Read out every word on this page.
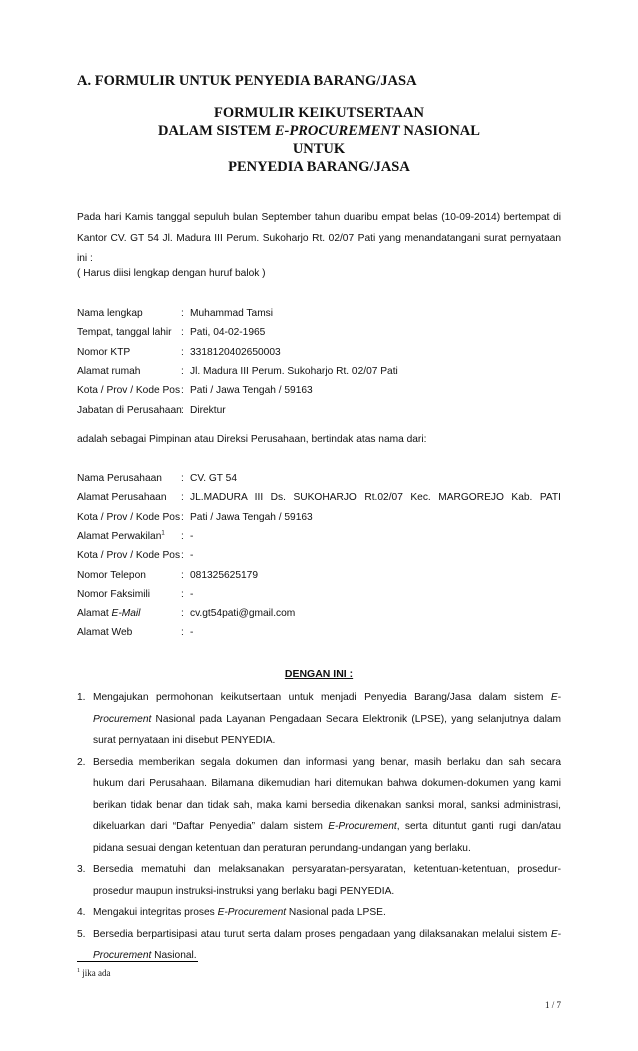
A. FORMULIR UNTUK PENYEDIA BARANG/JASA
FORMULIR KEIKUTSERTAAN
DALAM SISTEM E-PROCUREMENT NASIONAL
UNTUK
PENYEDIA BARANG/JASA
Pada hari Kamis tanggal sepuluh bulan September tahun duaribu empat belas (10-09-2014) bertempat di Kantor CV. GT 54 Jl. Madura III Perum. Sukoharjo Rt. 02/07 Pati yang menandatangani surat pernyataan ini :
( Harus diisi lengkap dengan huruf balok )
Nama lengkap	: Muhammad Tamsi
Tempat, tanggal lahir : Pati, 04-02-1965
Nomor KTP	: 3318120402650003
Alamat rumah	: Jl. Madura III Perum. Sukoharjo Rt. 02/07 Pati
Kota / Prov / Kode Pos : Pati / Jawa Tengah / 59163
Jabatan di Perusahaan : Direktur
adalah sebagai Pimpinan atau Direksi Perusahaan, bertindak atas nama dari:
Nama Perusahaan : CV. GT 54
Alamat Perusahaan : JL.MADURA III Ds. SUKOHARJO Rt.02/07 Kec. MARGOREJO Kab. PATI
Kota / Prov / Kode Pos : Pati / Jawa Tengah / 59163
Alamat Perwakilan$^1$ : -
Kota / Prov / Kode Pos : -
Nomor Telepon	: 081325625179
Nomor Faksimili	: -
Alamat E-Mail	: cv.gt54pati@gmail.com
Alamat Web	: -
DENGAN INI :
1. Mengajukan permohonan keikutsertaan untuk menjadi Penyedia Barang/Jasa dalam sistem E-Procurement Nasional pada Layanan Pengadaan Secara Elektronik (LPSE), yang selanjutnya dalam surat pernyataan ini disebut PENYEDIA.
2. Bersedia memberikan segala dokumen dan informasi yang benar, masih berlaku dan sah secara hukum dari Perusahaan. Bilamana dikemudian hari ditemukan bahwa dokumen-dokumen yang kami berikan tidak benar dan tidak sah, maka kami bersedia dikenakan sanksi moral, sanksi administrasi, dikeluarkan dari “Daftar Penyedia” dalam sistem E-Procurement, serta dituntut ganti rugi dan/atau pidana sesuai dengan ketentuan dan peraturan perundang-undangan yang berlaku.
3. Bersedia mematuhi dan melaksanakan persyaratan-persyaratan, ketentuan-ketentuan, prosedur-prosedur maupun instruksi-instruksi yang berlaku bagi PENYEDIA.
4. Mengakui integritas proses E-Procurement Nasional pada LPSE.
5. Bersedia berpartisipasi atau turut serta dalam proses pengadaan yang dilaksanakan melalui sistem E-Procurement Nasional.
$^1$ jika ada
1 / 7
